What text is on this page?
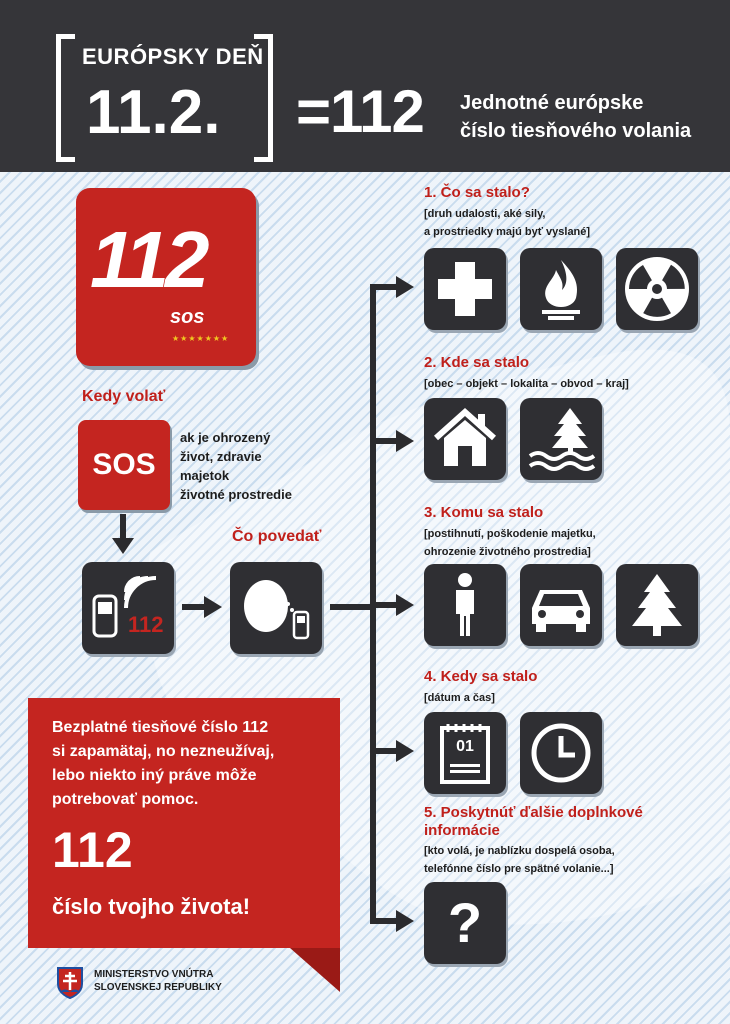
EURÓPSKY DEŇ
11.2. =112 Jednotné európske
číslo tiesňového volania
112
sos
★★★★★★★
Kedy volať
SOS
ak je ohrozený
život, zdravie
majetok
životné prostredie
112
Čo povedať
1. Čo sa stalo?
[druh udalosti, aké sily,
a prostriedky majú byť vyslané]
2. Kde sa stalo
[obec – objekt – lokalita – obvod – kraj]
3. Komu sa stalo
[postihnutí, poškodenie majetku,
ohrozenie životného prostredia]
4. Kedy sa stalo
[dátum a čas]
01
5. Poskytnúť ďalšie doplnkové
informácie
[kto volá, je nablízku dospelá osoba,
telefónne číslo pre spätné volanie...]
?
Bezplatné tiesňové číslo 112
si zapamätaj, no nezneužívaj,
lebo niekto iný práve môže
potrebovať pomoc.
112
číslo tvojho života!
MINISTERSTVO VNÚTRA
SLOVENSKEJ REPUBLIKY
